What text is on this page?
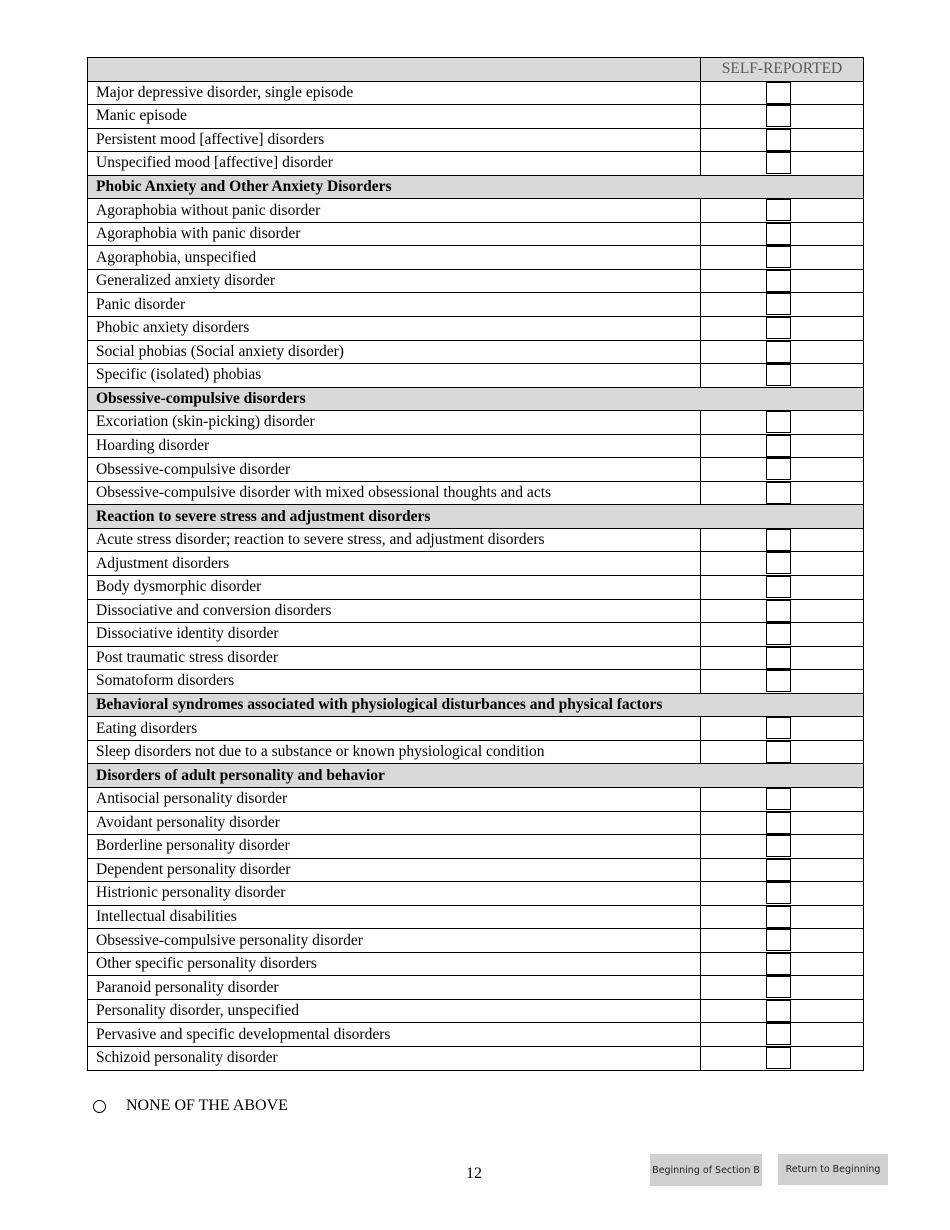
	SELF-REPORTED
Major depressive disorder, single episode	

Manic episode	

Persistent mood [affective] disorders	

Unspecified mood [affective] disorder	

Phobic Anxiety and Other Anxiety Disorders	
Agoraphobia without panic disorder	

Agoraphobia with panic disorder	

Agoraphobia, unspecified	

Generalized anxiety disorder	

Panic disorder	

Phobic anxiety disorders	

Social phobias (Social anxiety disorder)	

Specific (isolated) phobias	

Obsessive-compulsive disorders	
Excoriation (skin-picking) disorder	

Hoarding disorder	

Obsessive-compulsive disorder	

Obsessive-compulsive disorder with mixed obsessional thoughts and acts	

Reaction to severe stress and adjustment disorders	
Acute stress disorder; reaction to severe stress, and adjustment disorders	

Adjustment disorders	

Body dysmorphic disorder	

Dissociative and conversion disorders	

Dissociative identity disorder	

Post traumatic stress disorder	

Somatoform disorders	

Behavioral syndromes associated with physiological disturbances and physical factors	
Eating disorders	

Sleep disorders not due to a substance or known physiological condition	

Disorders of adult personality and behavior	
Antisocial personality disorder	

Avoidant personality disorder	

Borderline personality disorder	

Dependent personality disorder	

Histrionic personality disorder	

Intellectual disabilities	

Obsessive-compulsive personality disorder	

Other specific personality disorders	

Paranoid personality disorder	

Personality disorder, unspecified	

Pervasive and specific developmental disorders	

Schizoid personality disorder	
NONE OF THE ABOVE
12	Beginning of Section B	Return to Beginning
